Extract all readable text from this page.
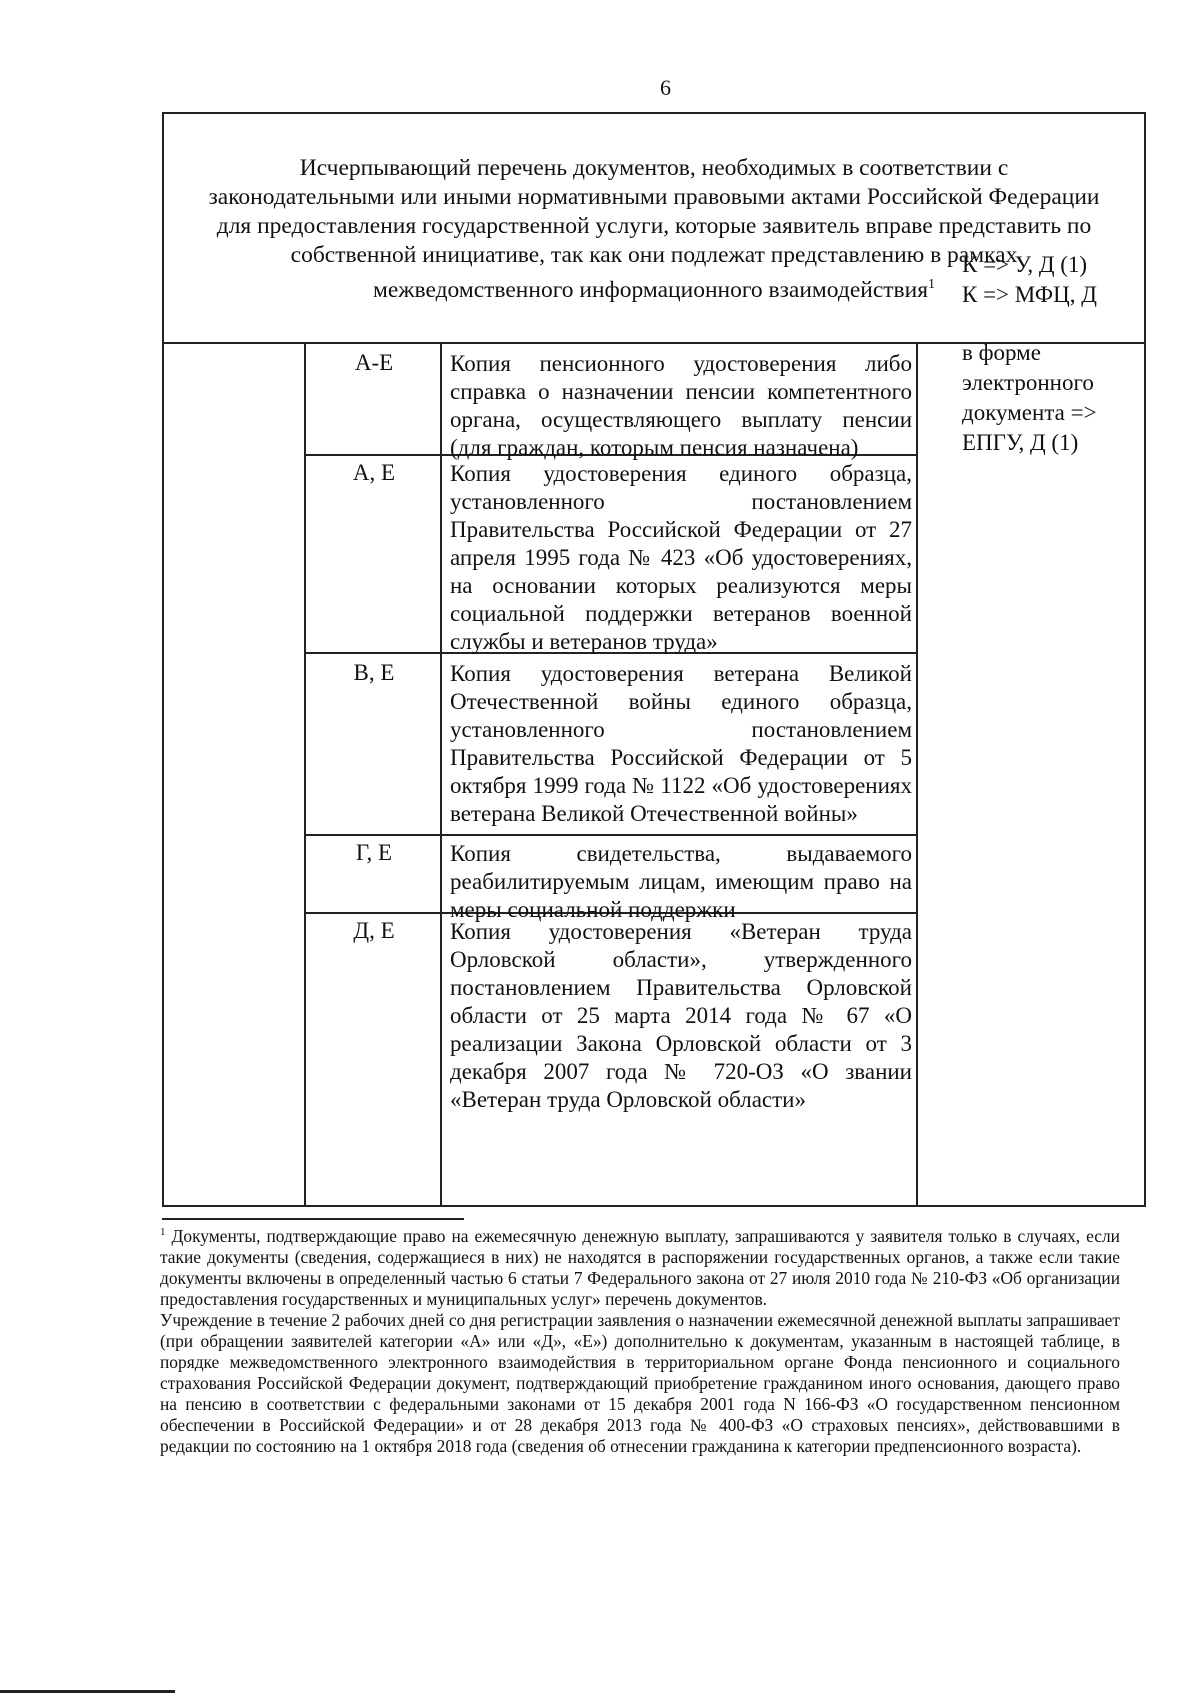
6
Исчерпывающий перечень документов, необходимых в соответствии с законодательными или иными нормативными правовыми актами Российской Федерации для предоставления государственной услуги, которые заявитель вправе представить по собственной инициативе, так как они подлежат представлению в рамках межведомственного информационного взаимодействия$^1$
А-Е	Копия пенсионного удостоверения либо справка о назначении пенсии компетентного органа, осуществляющего выплату пенсии (для граждан, которым пенсия назначена)
А, Е	Копия удостоверения единого образца, установленного постановлением Правительства Российской Федерации от 27 апреля 1995 года № 423 «Об удостоверениях, на основании которых реализуются меры социальной поддержки ветеранов военной службы и ветеранов труда»
В, Е	Копия удостоверения ветерана Великой Отечественной войны единого образца, установленного постановлением Правительства Российской Федерации от 5 октября 1999 года № 1122 «Об удостоверениях ветерана Великой Отечественной войны»
Г, Е	Копия свидетельства, выдаваемого реабилитируемым лицам, имеющим право на меры социальной поддержки
Д, Е	Копия удостоверения «Ветеран труда Орловской области», утвержденного постановлением Правительства Орловской области от 25 марта 2014 года № 67 «О реализации Закона Орловской области от 3 декабря 2007 года № 720-ОЗ «О звании «Ветеран труда Орловской области»
К => У, Д (1)
К => МФЦ, Д
в форме электронного документа => ЕПГУ, Д (1)

$^1$ Документы, подтверждающие право на ежемесячную денежную выплату, запрашиваются у заявителя только в случаях, если такие документы (сведения, содержащиеся в них) не находятся в распоряжении государственных органов, а также если такие документы включены в определенный частью 6 статьи 7 Федерального закона от 27 июля 2010 года № 210-ФЗ «Об организации предоставления государственных и муниципальных услуг» перечень документов.

Учреждение в течение 2 рабочих дней со дня регистрации заявления о назначении ежемесячной денежной выплаты запрашивает (при обращении заявителей категории «А» или «Д», «Е») дополнительно к документам, указанным в настоящей таблице, в порядке межведомственного электронного взаимодействия в территориальном органе Фонда пенсионного и социального страхования Российской Федерации документ, подтверждающий приобретение гражданином иного основания, дающего право на пенсию в соответствии с федеральными законами от 15 декабря 2001 года N 166-ФЗ «О государственном пенсионном обеспечении в Российской Федерации» и от 28 декабря 2013 года № 400-ФЗ «О страховых пенсиях», действовавшими в редакции по состоянию на 1 октября 2018 года (сведения об отнесении гражданина к категории предпенсионного возраста).
